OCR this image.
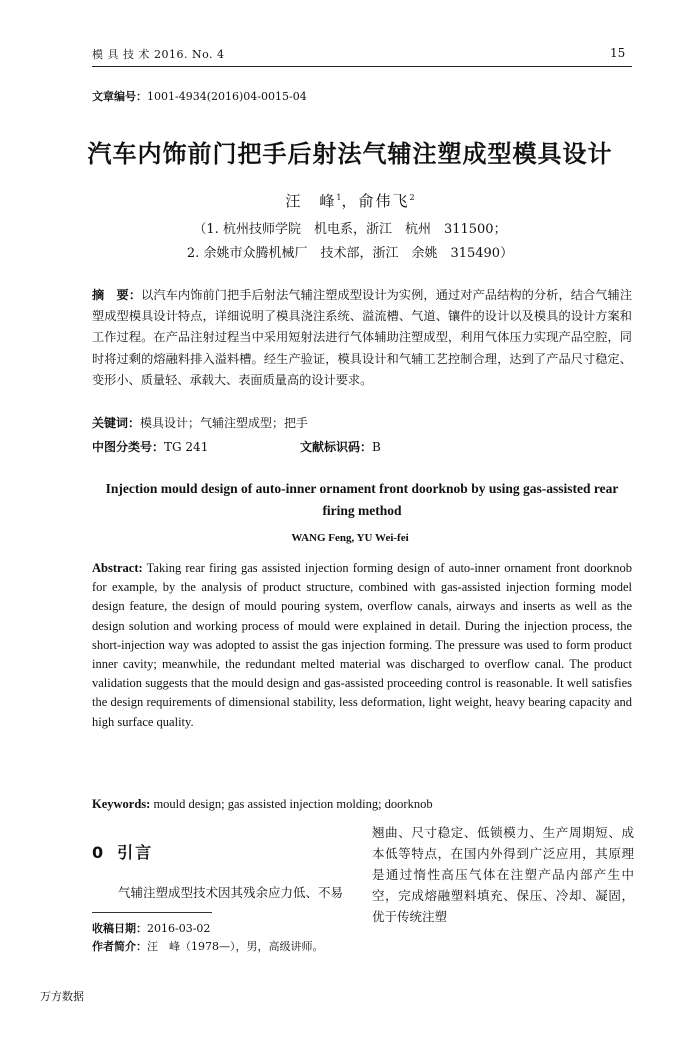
模 具 技 术 2016. No. 4	15
文章编号：1001-4934(2016)04-0015-04
汽车内饰前门把手后射法气辅注塑成型模具设计
汪　峰$^1$，俞伟飞$^2$
（1. 杭州技师学院　机电系，浙江　杭州　311500；
2. 余姚市众腾机械厂　技术部，浙江　余姚　315490）
摘　要：以汽车内饰前门把手后射法气辅注塑成型设计为实例，通过对产品结构的分析，结合气辅注塑成型模具设计特点，详细说明了模具浇注系统、溢流槽、气道、镶件的设计以及模具的设计方案和工作过程。在产品注射过程当中采用短射法进行气体辅助注塑成型，利用气体压力实现产品空腔，同时将过剩的熔融料排入溢料槽。经生产验证，模具设计和气辅工艺控制合理，达到了产品尺寸稳定、变形小、质量轻、承载大、表面质量高的设计要求。
关键词：模具设计；气辅注塑成型；把手
中图分类号：TG 241	文献标识码：B
Injection mould design of auto-inner ornament front doorknob by using gas-assisted rear firing method
WANG Feng, YU Wei-fei
Abstract: Taking rear firing gas assisted injection forming design of auto-inner ornament front doorknob for example, by the analysis of product structure, combined with gas-assisted injection forming model design feature, the design of mould pouring system, overflow canals, airways and inserts as well as the design solution and working process of mould were explained in detail. During the injection process, the short-injection way was adopted to assist the gas injection forming. The pressure was used to form product inner cavity; meanwhile, the redundant melted material was discharged to overflow canal. The product validation suggests that the mould design and gas-assisted proceeding control is reasonable. It well satisfies the design requirements of dimensional stability, less deformation, light weight, heavy bearing capacity and high surface quality.
Keywords: mould design; gas assisted injection molding; doorknob
0 引言
气辅注塑成型技术因其残余应力低、不易
翘曲、尺寸稳定、低锁模力、生产周期短、成本低等特点，在国内外得到广泛应用，其原理是通过惰性高压气体在注塑产品内部产生中空，完成熔融塑料填充、保压、冷却、凝固，优于传统注塑
收稿日期：2016-03-02
作者简介：汪　峰（1978—），男，高级讲师。
万方数据
